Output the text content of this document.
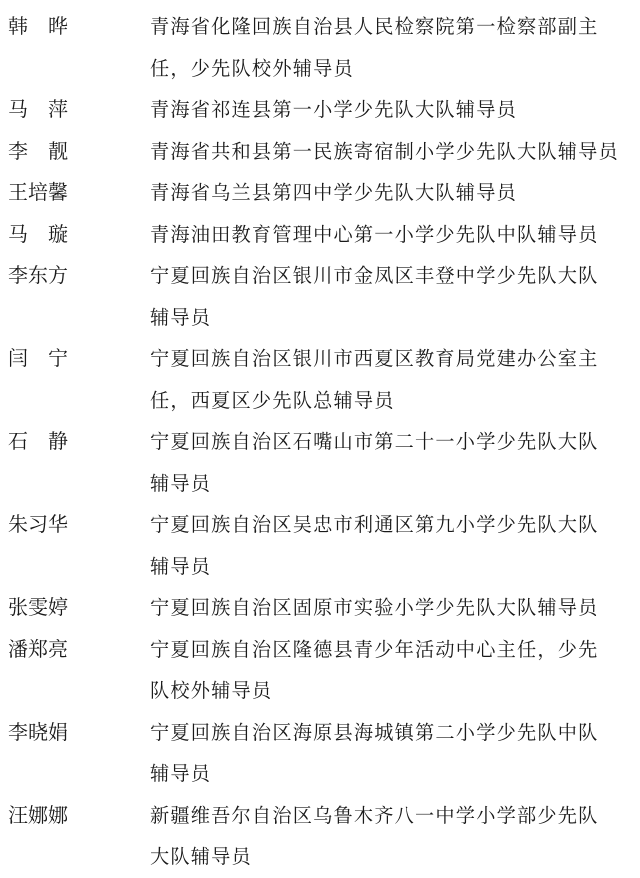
韩　晔	青海省化隆回族自治县人民检察院第一检察部副主
任，少先队校外辅导员
马　萍	青海省祁连县第一小学少先队大队辅导员
李　靓	青海省共和县第一民族寄宿制小学少先队大队辅导员
王培馨	青海省乌兰县第四中学少先队大队辅导员
马　璇	青海油田教育管理中心第一小学少先队中队辅导员
李东方	宁夏回族自治区银川市金凤区丰登中学少先队大队
辅导员
闫　宁	宁夏回族自治区银川市西夏区教育局党建办公室主
任，西夏区少先队总辅导员
石　静	宁夏回族自治区石嘴山市第二十一小学少先队大队
辅导员
朱习华	宁夏回族自治区吴忠市利通区第九小学少先队大队
辅导员
张雯婷	宁夏回族自治区固原市实验小学少先队大队辅导员
潘郑亮	宁夏回族自治区隆德县青少年活动中心主任，少先
队校外辅导员
李晓娟	宁夏回族自治区海原县海城镇第二小学少先队中队
辅导员
汪娜娜	新疆维吾尔自治区乌鲁木齐八一中学小学部少先队
大队辅导员
